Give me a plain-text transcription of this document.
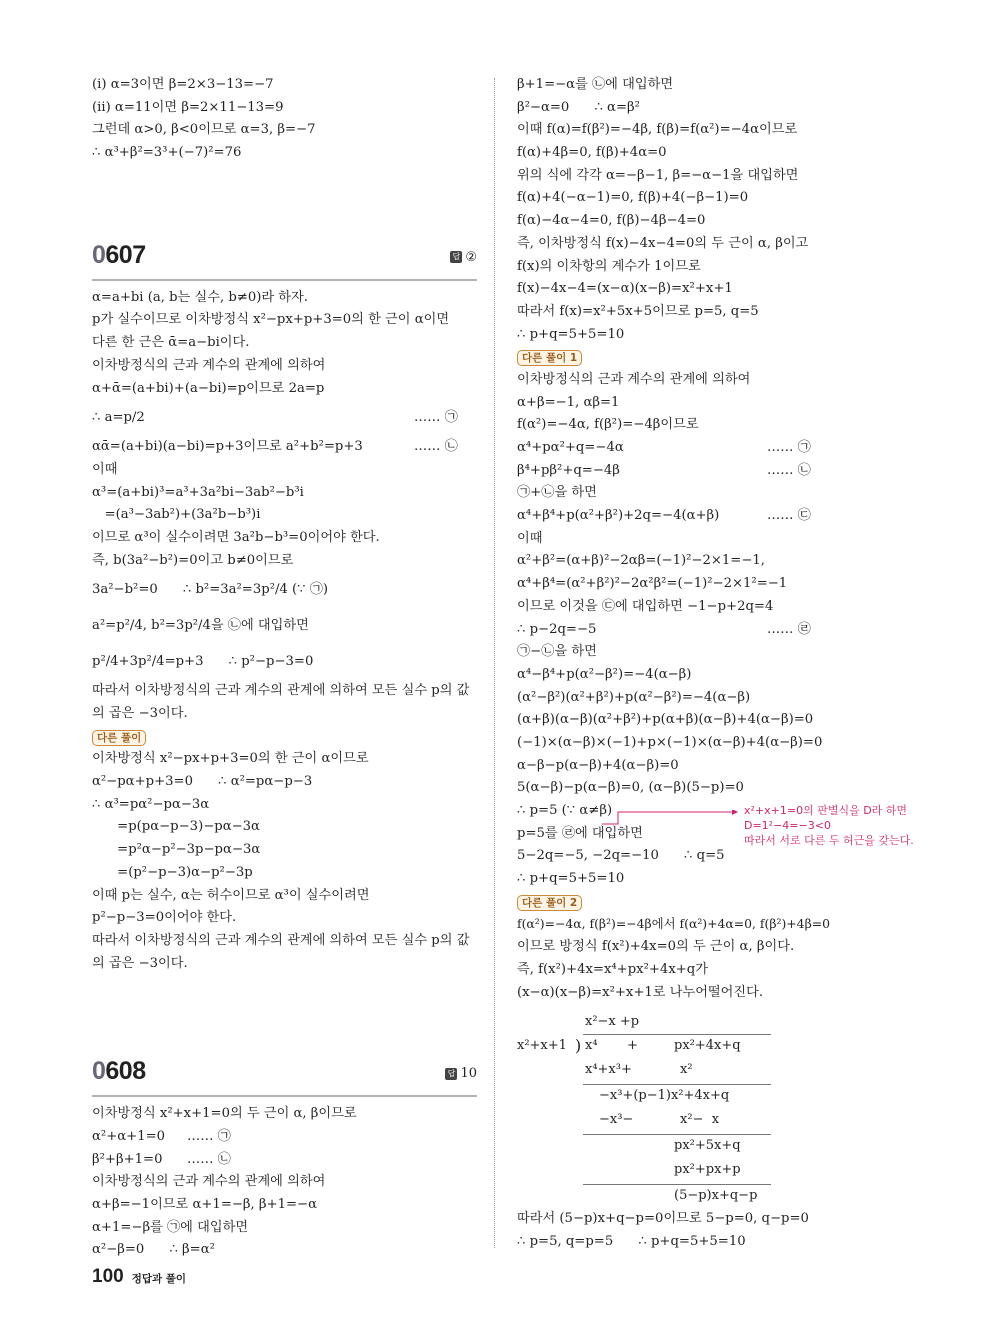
(ⅰ) α=3이면 β=2×3−13=−7
(ⅱ) α=11이면 β=2×11−13=9
그런데 α>0, β<0이므로 α=3, β=−7
∴ α³+β²=3³+(−7)²=76
0607	답 ②
α=a+bi (a, b는 실수, b≠0)라 하자.
p가 실수이므로 이차방정식 x²−px+p+3=0의 한 근이 α이면
다른 한 근은 ᾱ=a−bi이다.
이차방정식의 근과 계수의 관계에 의하여
α+ᾱ=(a+bi)+(a−bi)=p이므로 2a=p
∴ a=p/2	…… ㉠
αᾱ=(a+bi)(a−bi)=p+3이므로 a²+b²=p+3	…… ㉡
이때
α³=(a+bi)³=a³+3a²bi−3ab²−b³i
=(a³−3ab²)+(3a²b−b³)i
이므로 α³이 실수이려면 3a²b−b³=0이어야 한다.
즉, b(3a²−b²)=0이고 b≠0이므로
3a²−b²=0      ∴ b²=3a²=3p²/4 (∵ ㉠)
a²=p²/4, b²=3p²/4을 ㉡에 대입하면
p²/4+3p²/4=p+3      ∴ p²−p−3=0
따라서 이차방정식의 근과 계수의 관계에 의하여 모든 실수 p의 값
의 곱은 −3이다.
다른 풀이
이차방정식 x²−px+p+3=0의 한 근이 α이므로
α²−pα+p+3=0      ∴ α²=pα−p−3
∴ α³=pα²−pα−3α
=p(pα−p−3)−pα−3α
=p²α−p²−3p−pα−3α
=(p²−p−3)α−p²−3p
이때 p는 실수, α는 허수이므로 α³이 실수이려면
p²−p−3=0이어야 한다.
따라서 이차방정식의 근과 계수의 관계에 의하여 모든 실수 p의 값
의 곱은 −3이다.
0608	답 10
이차방정식 x²+x+1=0의 두 근이 α, β이므로
α²+α+1=0 …… ㉠
β²+β+1=0 …… ㉡
이차방정식의 근과 계수의 관계에 의하여
α+β=−1이므로 α+1=−β, β+1=−α
α+1=−β를 ㉠에 대입하면
α²−β=0      ∴ β=α²
β+1=−α를 ㉡에 대입하면
β²−α=0      ∴ α=β²
이때 f(α)=f(β²)=−4β, f(β)=f(α²)=−4α이므로
f(α)+4β=0, f(β)+4α=0
위의 식에 각각 α=−β−1, β=−α−1을 대입하면
f(α)+4(−α−1)=0, f(β)+4(−β−1)=0
f(α)−4α−4=0, f(β)−4β−4=0
즉, 이차방정식 f(x)−4x−4=0의 두 근이 α, β이고
f(x)의 이차항의 계수가 1이므로
f(x)−4x−4=(x−α)(x−β)=x²+x+1
따라서 f(x)=x²+5x+5이므로 p=5, q=5
∴ p+q=5+5=10
다른 풀이 1
이차방정식의 근과 계수의 관계에 의하여
α+β=−1, αβ=1
f(α²)=−4α, f(β²)=−4β이므로
α⁴+pα²+q=−4α	…… ㉠
β⁴+pβ²+q=−4β	…… ㉡
㉠+㉡을 하면
α⁴+β⁴+p(α²+β²)+2q=−4(α+β)	…… ㉢
이때
α²+β²=(α+β)²−2αβ=(−1)²−2×1=−1,
α⁴+β⁴=(α²+β²)²−2α²β²=(−1)²−2×1²=−1
이므로 이것을 ㉢에 대입하면 −1−p+2q=4
∴ p−2q=−5	…… ㉣
㉠−㉡을 하면
α⁴−β⁴+p(α²−β²)=−4(α−β)
(α²−β²)(α²+β²)+p(α²−β²)=−4(α−β)
(α+β)(α−β)(α²+β²)+p(α+β)(α−β)+4(α−β)=0
(−1)×(α−β)×(−1)+p×(−1)×(α−β)+4(α−β)=0
α−β−p(α−β)+4(α−β)=0
5(α−β)−p(α−β)=0, (α−β)(5−p)=0
∴ p=5 (∵ α≠β)
p=5를 ㉣에 대입하면
5−2q=−5, −2q=−10      ∴ q=5
∴ p+q=5+5=10
다른 풀이 2
f(α²)=−4α, f(β²)=−4β에서 f(α²)+4α=0, f(β²)+4β=0
이므로 방정식 f(x²)+4x=0의 두 근이 α, β이다.
즉, f(x²)+4x=x⁴+px²+4x+q가
(x−α)(x−β)=x²+x+1로 나누어떨어진다.
x²+x+1=0의 판별식을 D라 하면
D=1²−4=−3<0
따라서 서로 다른 두 허근을 갖는다.
x²−x +p
x²+x+1 ) x⁴ +	px²+4x+q
x⁴+x³+	x²
−x³+(p−1)x²+4x+q
−x³−	x²−  x
px²+5x+q
px²+px+p
(5−p)x+q−p
따라서 (5−p)x+q−p=0이므로 5−p=0, q−p=0
∴ p=5, q=p=5      ∴ p+q=5+5=10
100 정답과 풀이
